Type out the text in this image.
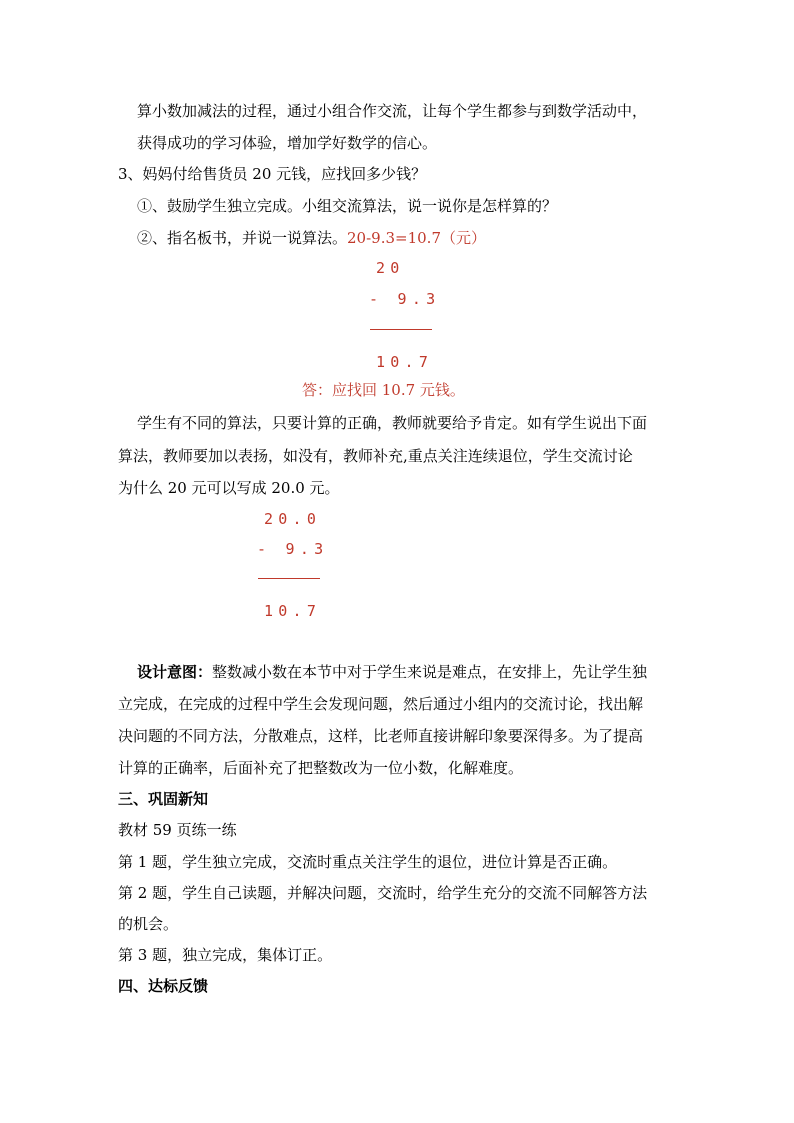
算小数加减法的过程，通过小组合作交流，让每个学生都参与到数学活动中，
获得成功的学习体验，增加学好数学的信心。
3、妈妈付给售货员 20 元钱，应找回多少钱？
①、鼓励学生独立完成。小组交流算法，说一说你是怎样算的？
②、指名板书，并说一说算法。20-9.3=10.7（元）
20
- 9.3
10.7
答：应找回 10.7 元钱。
学生有不同的算法，只要计算的正确，教师就要给予肯定。如有学生说出下面
算法，教师要加以表扬，如没有，教师补充,重点关注连续退位，学生交流讨论
为什么 20 元可以写成 20.0 元。
20.0
- 9.3
10.7
设计意图：整数减小数在本节中对于学生来说是难点，在安排上，先让学生独
立完成，在完成的过程中学生会发现问题，然后通过小组内的交流讨论，找出解
决问题的不同方法，分散难点，这样，比老师直接讲解印象要深得多。为了提高
计算的正确率，后面补充了把整数改为一位小数，化解难度。
三、巩固新知
教材 59 页练一练
第 1 题，学生独立完成，交流时重点关注学生的退位，进位计算是否正确。
第 2 题，学生自己读题，并解决问题，交流时，给学生充分的交流不同解答方法
的机会。
第 3 题，独立完成，集体订正。
四、达标反馈
